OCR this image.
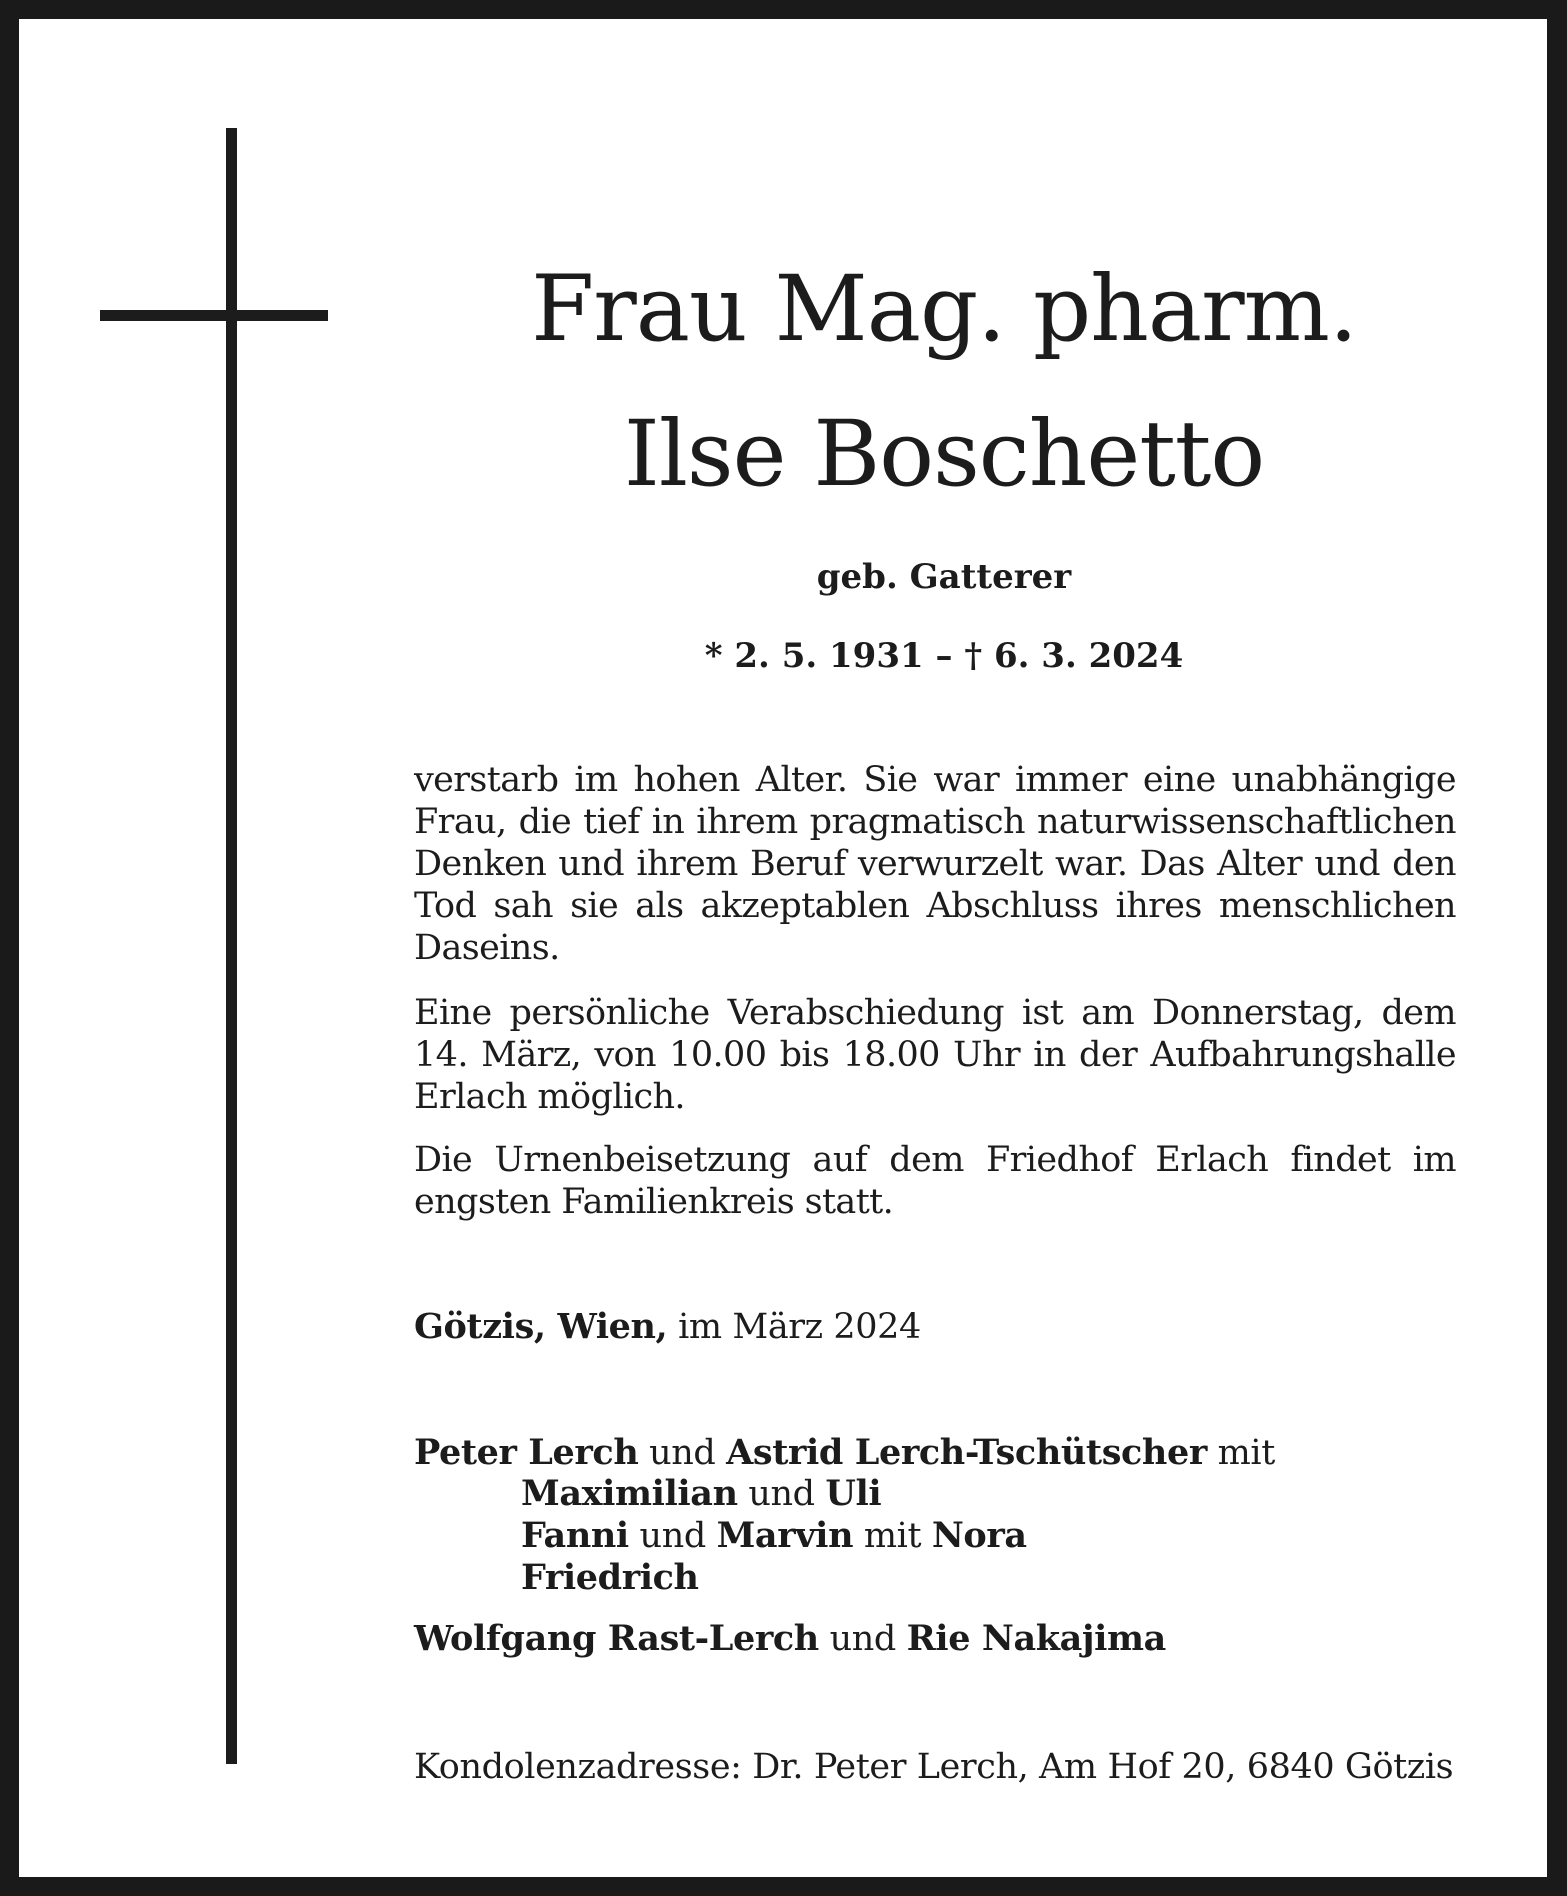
Frau Mag. pharm.
Ilse Boschetto
geb. Gatterer
* 2. 5. 1931 – † 6. 3. 2024
verstarb im hohen Alter. Sie war immer eine unabhängige Frau, die tief in ihrem pragmatisch naturwissenschaftlichen Denken und ihrem Beruf verwurzelt war. Das Alter und den Tod sah sie als akzeptablen Abschluss ihres menschlichen Daseins.
Eine persönliche Verabschiedung ist am Donnerstag, dem 14. März, von 10.00 bis 18.00 Uhr in der Aufbahrungshalle Erlach möglich.
Die Urnenbeisetzung auf dem Friedhof Erlach findet im engsten Familienkreis statt.
Götzis, Wien, im März 2024
Peter Lerch und Astrid Lerch-Tschütscher mit
Maximilian und Uli
Fanni und Marvin mit Nora
Friedrich
Wolfgang Rast-Lerch und Rie Nakajima
Kondolenzadresse: Dr. Peter Lerch, Am Hof 20, 6840 Götzis
